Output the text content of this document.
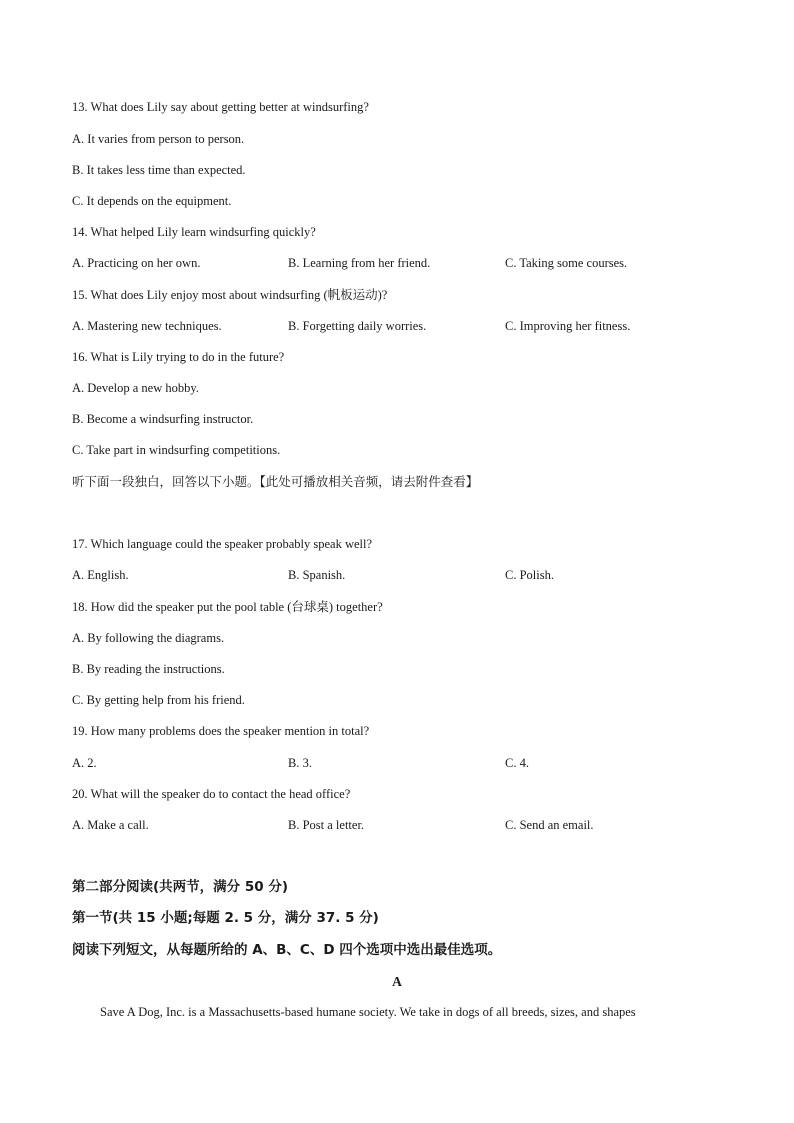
13. What does Lily say about getting better at windsurfing?
A. It varies from person to person.
B. It takes less time than expected.
C. It depends on the equipment.
14. What helped Lily learn windsurfing quickly?
A. Practicing on her own.	B. Learning from her friend.	C. Taking some courses.
15. What does Lily enjoy most about windsurfing (帆板运动)?
A. Mastering new techniques.	B. Forgetting daily worries.	C. Improving her fitness.
16. What is Lily trying to do in the future?
A. Develop a new hobby.
B. Become a windsurfing instructor.
C. Take part in windsurfing competitions.
听下面一段独白，回答以下小题。【此处可播放相关音频，请去附件查看】
17. Which language could the speaker probably speak well?
A. English.	B. Spanish.	C. Polish.
18. How did the speaker put the pool table (台球桌) together?
A. By following the diagrams.
B. By reading the instructions.
C. By getting help from his friend.
19. How many problems does the speaker mention in total?
A. 2.	B. 3.	C. 4.
20. What will the speaker do to contact the head office?
A. Make a call.	B. Post a letter.	C. Send an email.
第二部分阅读(共两节，满分 50 分)
第一节(共 15 小题;每题 2. 5 分，满分 37. 5 分)
阅读下列短文，从每题所给的 A、B、C、D 四个选项中选出最佳选项。
A
Save A Dog, Inc. is a Massachusetts-based humane society. We take in dogs of all breeds, sizes, and shapes
